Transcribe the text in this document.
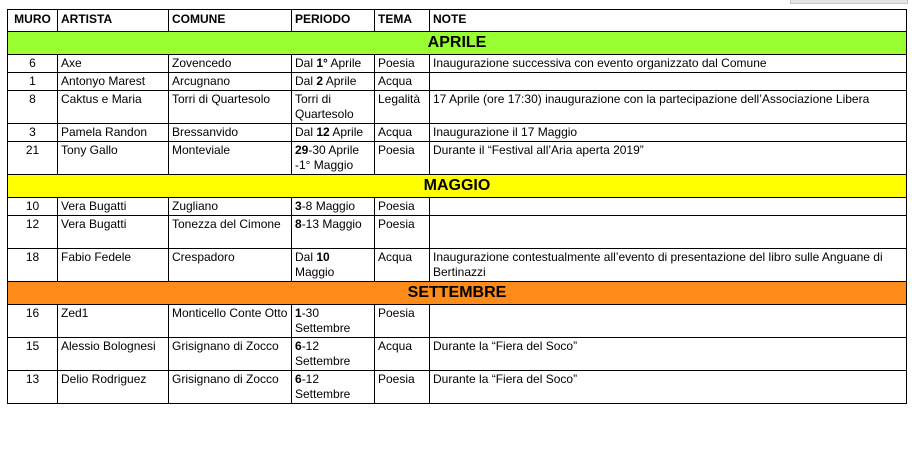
MURO	ARTISTA	COMUNE	PERIODO	TEMA	NOTE
APRILE					
6	Axe	Zovencedo	Dal 1° Aprile	Poesia	Inaugurazione successiva con evento organizzato dal Comune
1	Antonyo Marest	Arcugnano	Dal 2 Aprile	Acqua	
8	Caktus e Maria	Torri di Quartesolo	Torri di Quartesolo	Legalità	17 Aprile (ore 17:30) inaugurazione con la partecipazione dell’Associazione Libera
3	Pamela Randon	Bressanvido	Dal 12 Aprile	Acqua	Inaugurazione il 17 Maggio
21	Tony Gallo	Monteviale	29-30 Aprile -1° Maggio	Poesia	Durante il “Festival all’Aria aperta 2019”
MAGGIO					
10	Vera Bugatti	Zugliano	3-8 Maggio	Poesia	
12	Vera Bugatti	Tonezza del Cimone	8-13 Maggio	Poesia	
18	Fabio Fedele	Crespadoro	Dal 10 Maggio	Acqua	Inaugurazione contestualmente all’evento di presentazione del libro sulle Anguane di Bertinazzi
SETTEMBRE					
16	Zed1	Monticello Conte Otto	1-30 Settembre	Poesia	
15	Alessio Bolognesi	Grisignano di Zocco	6-12 Settembre	Acqua	Durante la “Fiera del Soco”
13	Delio Rodriguez	Grisignano di Zocco	6-12 Settembre	Poesia	Durante la “Fiera del Soco”
